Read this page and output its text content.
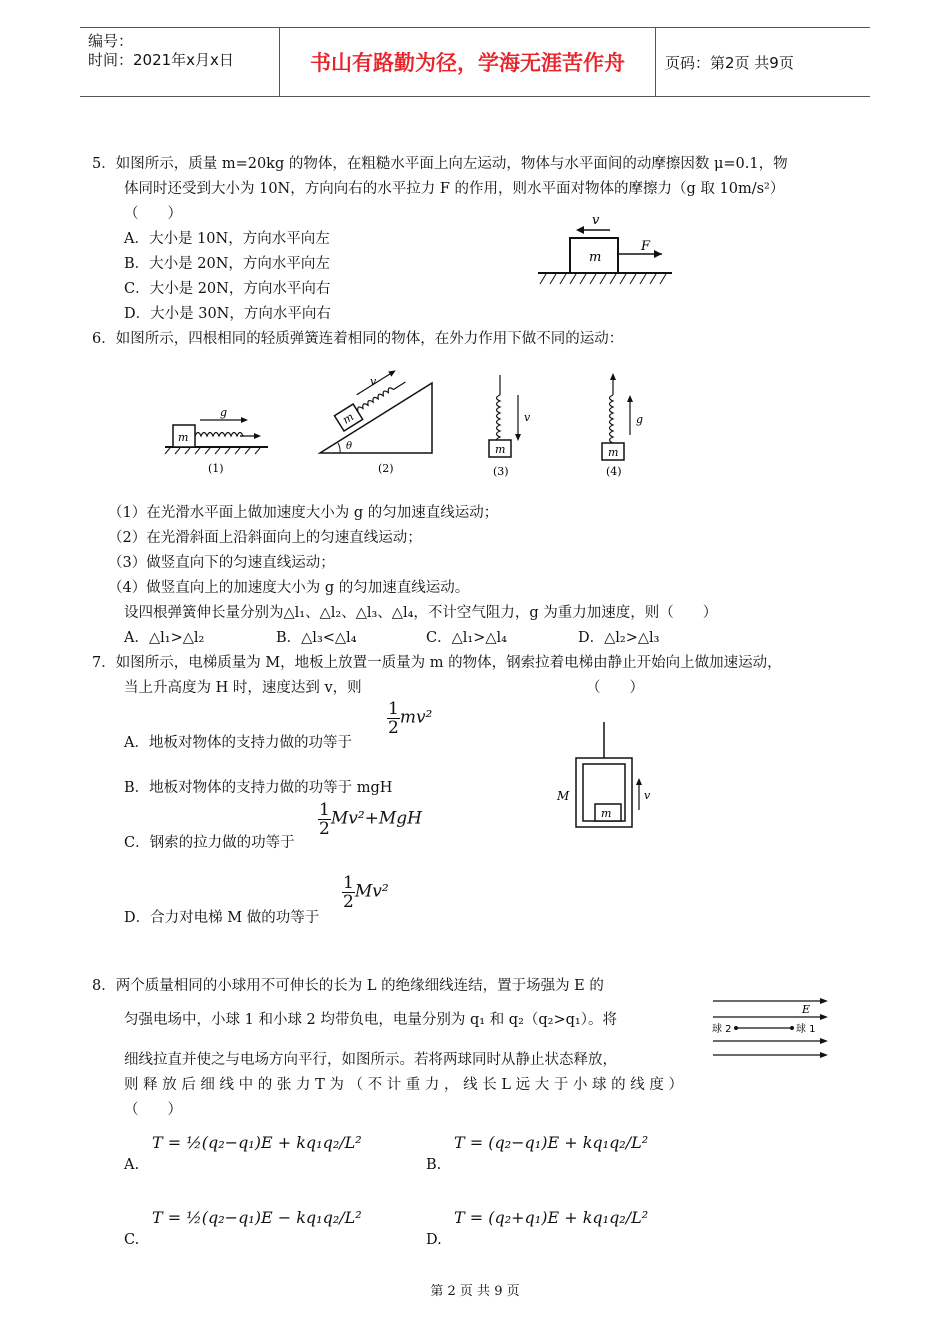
编号：
时间：2021年x月x日	书山有路勤为径，学海无涯苦作舟	页码：第2页 共9页
5．如图所示，质量 m=20kg 的物体，在粗糙水平面上向左运动，物体与水平面间的动摩擦因数 μ=0.1，物
体同时还受到大小为 10N，方向向右的水平拉力 F 的作用，则水平面对物体的摩擦力（g 取 10m/s²）
（　　）
A．大小是 10N，方向水平向左
B．大小是 20N，方向水平向左
C．大小是 20N，方向水平向右
D．大小是 30N，方向水平向右
m
F
v
6．如图所示，四根相同的轻质弹簧连着相同的物体，在外力作用下做不同的运动：
m
g
(1)
m
v
θ
(2)
m
v
(3)
m
g
(4)
（1）在光滑水平面上做加速度大小为 g 的匀加速直线运动；
（2）在光滑斜面上沿斜面向上的匀速直线运动；
（3）做竖直向下的匀速直线运动；
（4）做竖直向上的加速度大小为 g 的匀加速直线运动。
设四根弹簧伸长量分别为△l₁、△l₂、△l₃、△l₄，不计空气阻力，g 为重力加速度，则（　　）
A．△l₁>△l₂	B．△l₃<△l₄	C．△l₁>△l₄	D．△l₂>△l₃
7．如图所示，电梯质量为 M，地板上放置一质量为 m 的物体，钢索拉着电梯由静止开始向上做加速运动，
当上升高度为 H 时，速度达到 v，则	（　　）
A．地板对物体的支持力做的功等于
$\frac{1}{2} mv^2$
B．地板对物体的支持力做的功等于 mgH
C．钢索的拉力做的功等于
$\frac{1}{2} Mv^2+MgH$
D．合力对电梯 M 做的功等于
$\frac{1}{2} Mv^2$
m
M	v
8．两个质量相同的小球用不可伸长的长为 L 的绝缘细线连结，置于场强为 E 的
匀强电场中，小球 1 和小球 2 均带负电，电量分别为 q₁ 和 q₂（q₂>q₁）。将
细线拉直并使之与电场方向平行，如图所示。若将两球同时从静止状态释放，
则 释 放 后 细 线 中 的 张 力 T 为 （ 不 计 重 力 ， 线 长 L 远 大 于 小 球 的 线 度 ）
（　　）
球 2	球 1
E
A.
T = ½(q₂−q₁)E + kq₁q₂/L²
B.
T = (q₂−q₁)E + kq₁q₂/L²
C.
T = ½(q₂−q₁)E − kq₁q₂/L²
D.
T = (q₂+q₁)E + kq₁q₂/L²
第 2 页 共 9 页
